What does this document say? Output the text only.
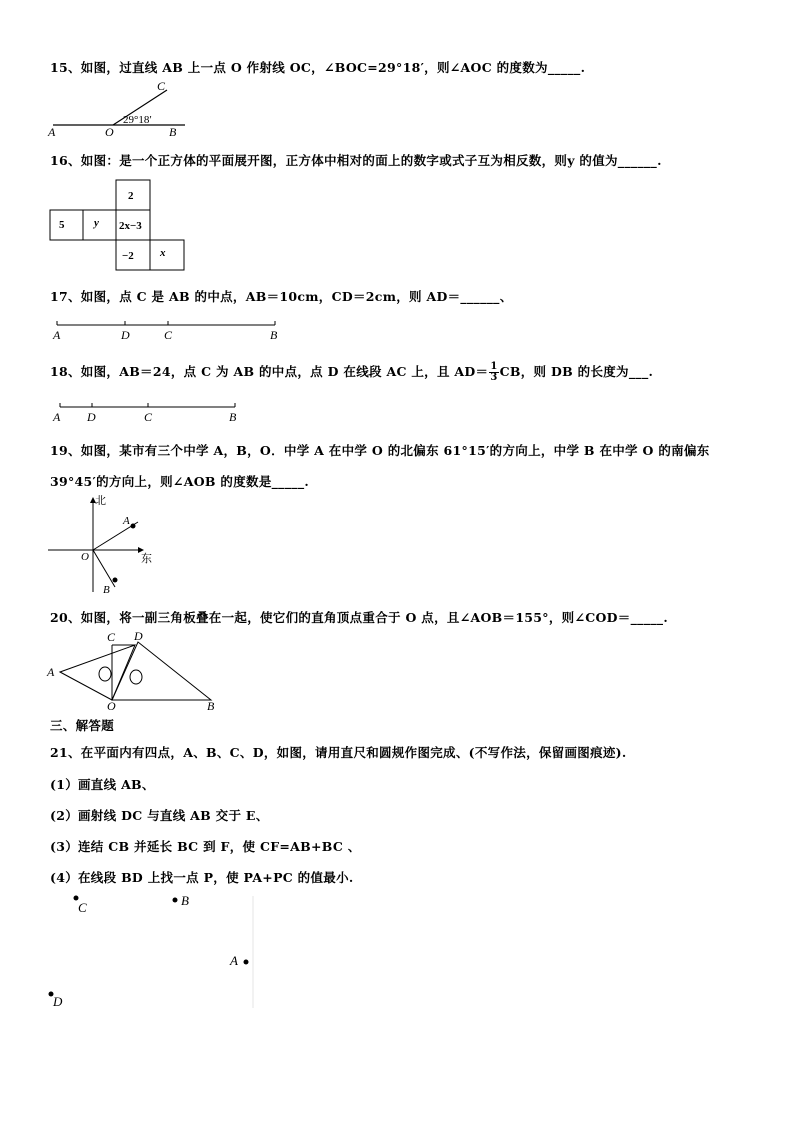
15、如图，过直线 AB 上一点 O 作射线 OC，∠BOC=29°18′，则∠AOC 的度数为_____.
C
29°18′
A	O	B
16、如图：是一个正方体的平面展开图，正方体中相对的面上的数字或式子互为相反数，则y 的值为______.
2
5	y 2x−3
−2 x
17、如图，点 C 是 AB 的中点，AB＝10cm，CD＝2cm，则 AD＝______、
A	D	C	B
18、如图，AB＝24，点 C 为 AB 的中点，点 D 在线段 AC 上，且 $AD= \frac{1}{3}$ CB，则 DB 的长度为___.
A D	C	B
19、如图，某市有三个中学 A，B，O．中学 A 在中学 O 的北偏东 61°15′的方向上，中学 B 在中学 O 的南偏东
39°45′的方向上，则∠AOB 的度数是_____.
北
东
O
A
B
20、如图，将一副三角板叠在一起，使它们的直角顶点重合于 O 点，且∠AOB＝155°，则∠COD＝_____.
A
C D
O	B
三、解答题
21、在平面内有四点，A、B、C、D，如图，请用直尺和圆规作图完成、(不写作法，保留画图痕迹).
(1）画直线 AB、
(2）画射线 DC 与直线 AB 交于 E、
(3）连结 CB 并延长 BC 到 F，使 CF=AB+BC 、
(4）在线段 BD 上找一点 P，使 PA+PC 的值最小.
C	B
A
D
